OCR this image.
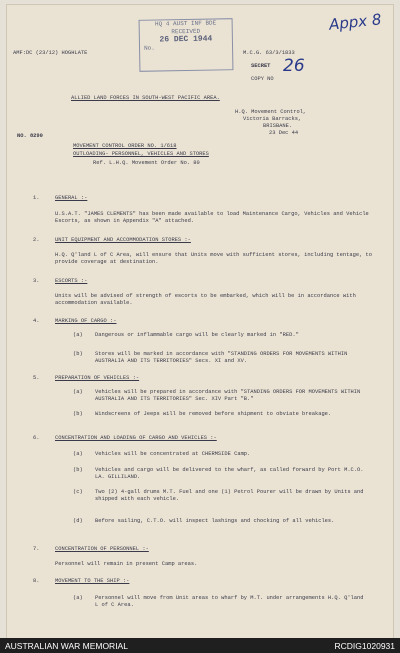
AMF:DC (23/12) HOGHLATE
HQ 4 AUST INF BDE
RECEIVED
26 DEC 1944
No.
M.C.G. 63/3/1833
SECRET
COPY NO
26
Appx 8
ALLIED LAND FORCES IN SOUTH-WEST PACIFIC AREA.
H.Q. Movement Control,
Victoria Barracks,
BRISBANE.
23 Dec 44
NO. 8290
MOVEMENT CONTROL ORDER NO. 1/618
OUTLOADING- PERSONNEL, VEHICLES AND STORES
Ref. L.H.Q. Movement Order No. 80
1.	GENERAL :-
U.S.A.T. "JAMES CLEMENTS" has been made available to load Maintenance Cargo, Vehicles and Vehicle Escorts, as shown in Appendix "A" attached.
2.	UNIT EQUIPMENT AND ACCOMMODATION STORES :-
H.Q. Q'land L of C Area, will ensure that Units move with sufficient stores, including tentage, to provide coverage at destination.
3.	ESCORTS :-
Units will be advised of strength of escorts to be embarked, which will be in accordance with accommodation available.
4.	MARKING OF CARGO :-
(a) Dangerous or inflammable cargo will be clearly marked in "RED."
(b) Stores will be marked in accordance with "STANDING ORDERS FOR MOVEMENTS WITHIN AUSTRALIA AND ITS TERRITORIES" Secs. XI and XV.
5.	PREPARATION OF VEHICLES :-
(a) Vehicles will be prepared in accordance with "STANDING ORDERS FOR MOVEMENTS WITHIN AUSTRALIA AND ITS TERRITORIES" Sec. XIV Part "B."
(b) Windscreens of Jeeps will be removed before shipment to obviate breakage.
6.	CONCENTRATION AND LOADING OF CARGO AND VEHICLES :-
(a) Vehicles will be concentrated at CHERMSIDE Camp.
(b) Vehicles and cargo will be delivered to the wharf, as called forward by Port M.C.O. LA. GILLILAND.
(c) Two (2) 4-gall drums M.T. Fuel and one (1) Petrol Pourer will be drawn by Units and shipped with each vehicle.
(d) Before sailing, C.T.O. will inspect lashings and chocking of all vehicles.
7.	CONCENTRATION OF PERSONNEL :-
Personnel will remain in present Camp areas.
8.	MOVEMENT TO THE SHIP :-
(a) Personnel will move from Unit areas to wharf by M.T. under arrangements H.Q. Q'land L of C Area.
AUSTRALIAN WAR MEMORIAL	RCDIG1020931
